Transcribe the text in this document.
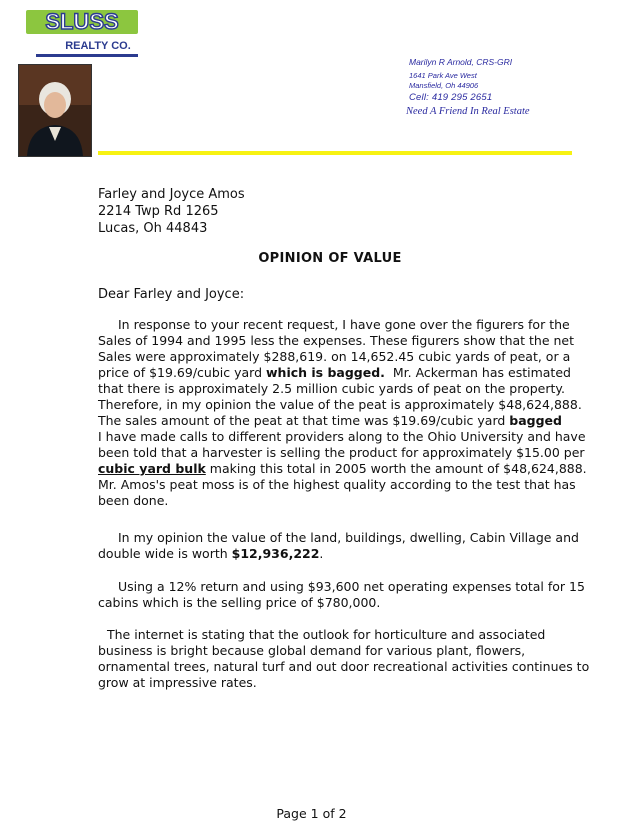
SLUSS
REALTY CO.
Marilyn R Arnold, CRS-GRI
1641 Park Ave West
Mansfield, Oh 44906
Cell: 419 295 2651
Need A Friend In Real Estate
Farley and Joyce Amos
2214 Twp Rd 1265
Lucas, Oh 44843
OPINION OF VALUE
Dear Farley and Joyce:
In response to your recent request, I have gone over the figurers for the
Sales of 1994 and 1995 less the expenses. These figurers show that the net
Sales were approximately $288,619. on 14,652.45 cubic yards of peat, or a
price of $19.69/cubic yard which is bagged.  Mr. Ackerman has estimated
that there is approximately 2.5 million cubic yards of peat on the property.
Therefore, in my opinion the value of the peat is approximately $48,624,888.
The sales amount of the peat at that time was $19.69/cubic yard bagged
I have made calls to different providers along to the Ohio University and have
been told that a harvester is selling the product for approximately $15.00 per
cubic yard bulk making this total in 2005 worth the amount of $48,624,888.
Mr. Amos's peat moss is of the highest quality according to the test that has
been done.
In my opinion the value of the land, buildings, dwelling, Cabin Village and
double wide is worth $12,936,222.
Using a 12% return and using $93,600 net operating expenses total for 15
cabins which is the selling price of $780,000.
The internet is stating that the outlook for horticulture and associated
business is bright because global demand for various plant, flowers,
ornamental trees, natural turf and out door recreational activities continues to
grow at impressive rates.
Page 1 of 2
